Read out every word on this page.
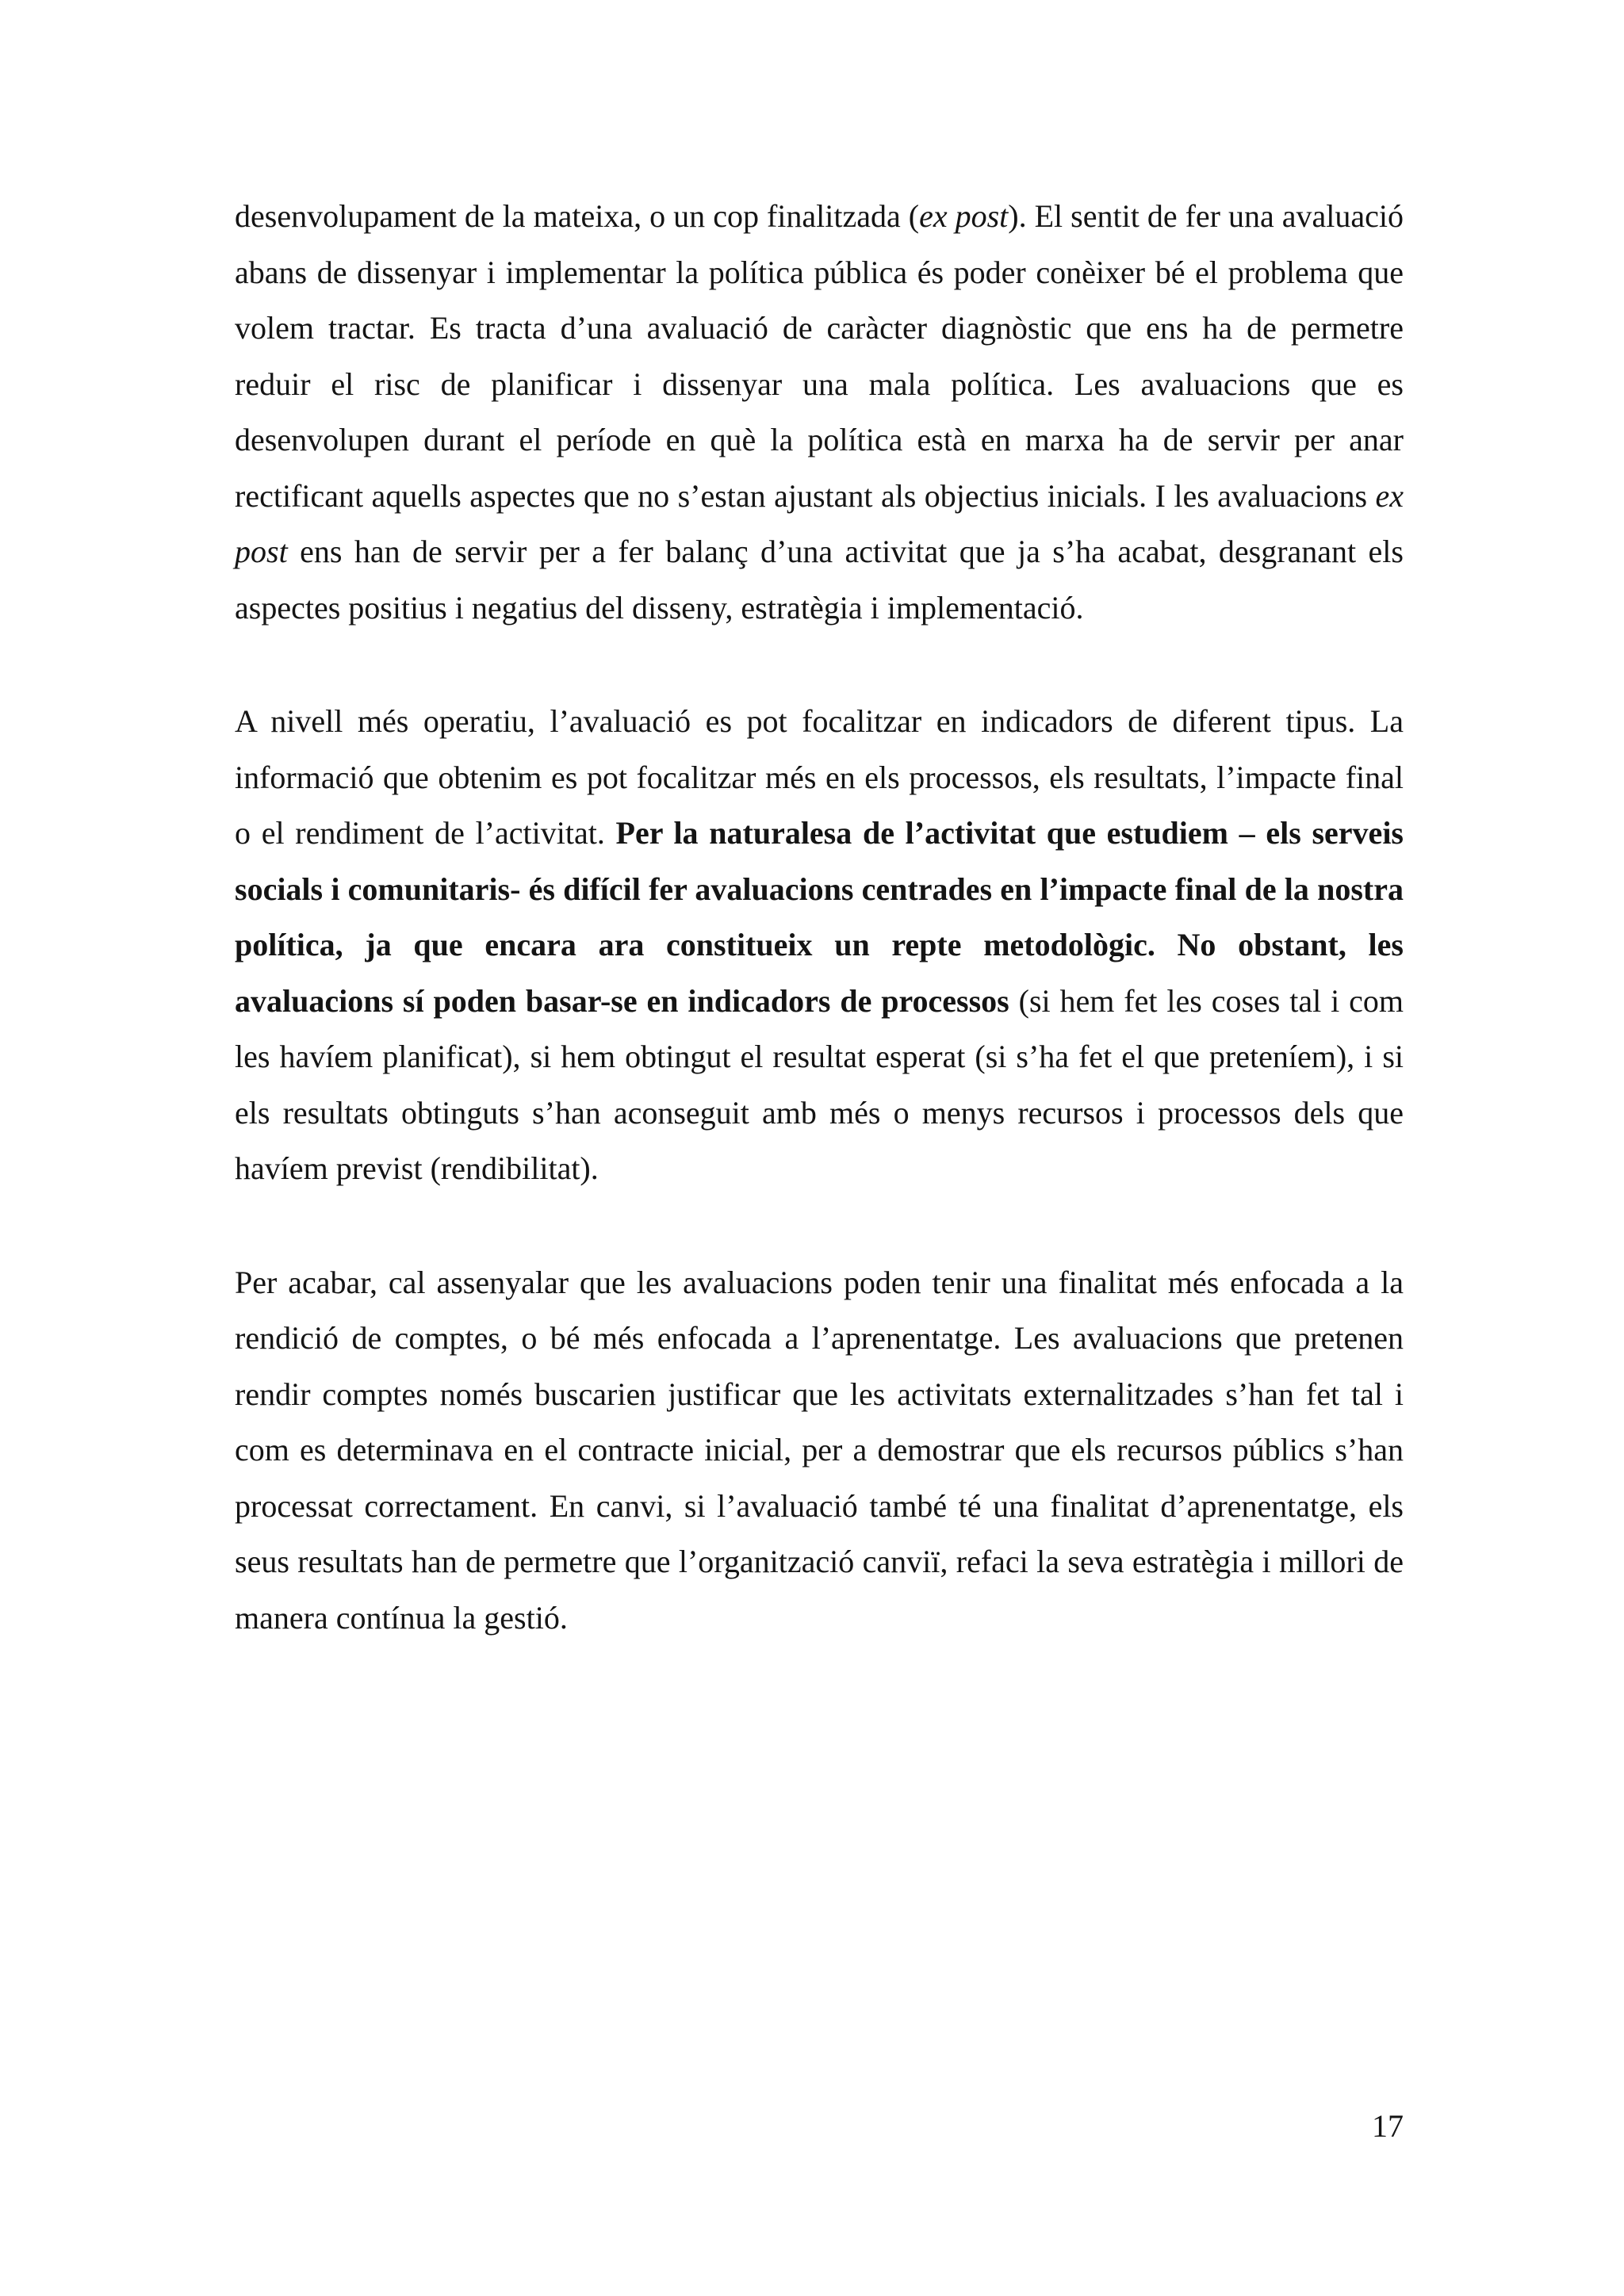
desenvolupament de la mateixa, o un cop finalitzada (ex post). El sentit de fer una avaluació abans de dissenyar i implementar la política pública és poder conèixer bé el problema que volem tractar. Es tracta d’una avaluació de caràcter diagnòstic que ens ha de permetre reduir el risc de planificar i dissenyar una mala política. Les avaluacions que es desenvolupen durant el període en què la política està en marxa ha de servir per anar rectificant aquells aspectes que no s’estan ajustant als objectius inicials. I les avaluacions ex post ens han de servir per a fer balanç d’una activitat que ja s’ha acabat, desgranant els aspectes positius i negatius del disseny, estratègia i implementació.

A nivell més operatiu, l’avaluació es pot focalitzar en indicadors de diferent tipus. La informació que obtenim es pot focalitzar més en els processos, els resultats, l’impacte final o el rendiment de l’activitat. Per la naturalesa de l’activitat que estudiem – els serveis socials i comunitaris- és difícil fer avaluacions centrades en l’impacte final de la nostra política, ja que encara ara constitueix un repte metodològic. No obstant, les avaluacions sí poden basar-se en indicadors de processos (si hem fet les coses tal i com les havíem planificat), si hem obtingut el resultat esperat (si s’ha fet el que preteníem), i si els resultats obtinguts s’han aconseguit amb més o menys recursos i processos dels que havíem previst (rendibilitat).

Per acabar, cal assenyalar que les avaluacions poden tenir una finalitat més enfocada a la rendició de comptes, o bé més enfocada a l’aprenentatge. Les avaluacions que pretenen rendir comptes només buscarien justificar que les activitats externalitzades s’han fet tal i com es determinava en el contracte inicial, per a demostrar que els recursos públics s’han processat correctament. En canvi, si l’avaluació també té una finalitat d’aprenentatge, els seus resultats han de permetre que l’organització canviï, refaci la seva estratègia i millori de manera contínua la gestió.

17
